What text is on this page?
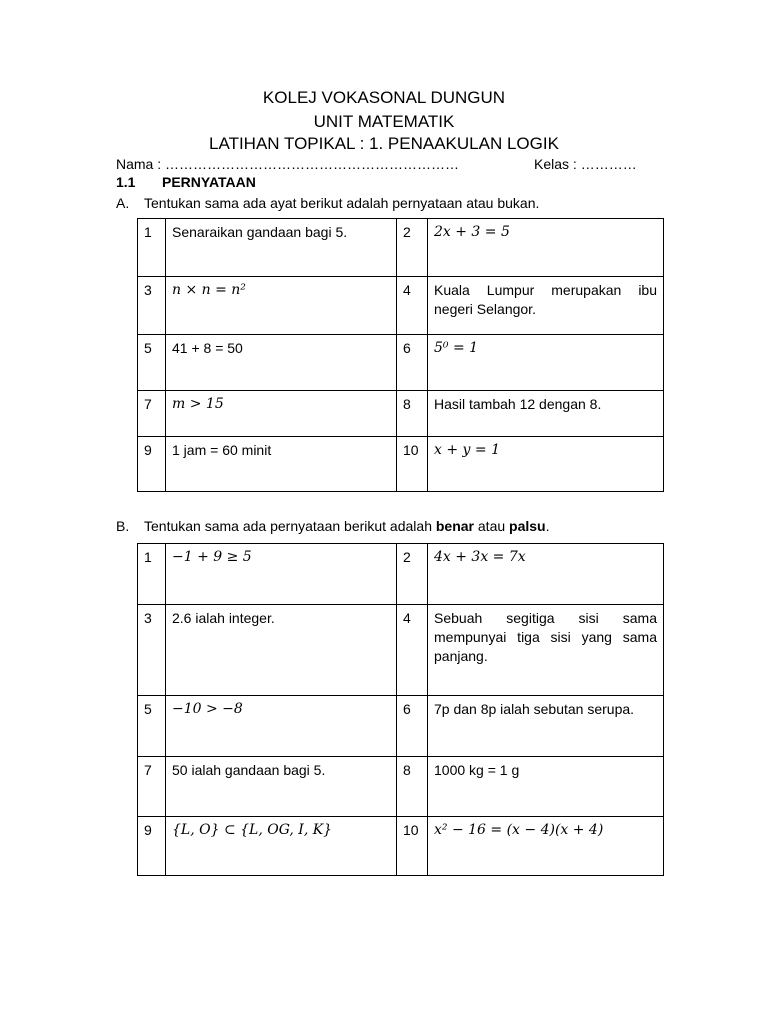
KOLEJ VOKASONAL DUNGUN
UNIT MATEMATIK
LATIHAN TOPIKAL : 1. PENAAKULAN LOGIK
Nama : ………………………………………………………	Kelas : …………
1.1 PERNYATAAN
A. Tentukan sama ada ayat berikut adalah pernyataan atau bukan.
1	Senaraikan gandaan bagi 5.	2	2x + 3 = 5
3	n × n = n²	4	Kuala Lumpur merupakan ibu negeri Selangor.
5	41 + 8 = 50	6	5⁰ = 1
7	m > 15	8	Hasil tambah 12 dengan 8.
9	1 jam = 60 minit	10	x + y = 1
B. Tentukan sama ada pernyataan berikut adalah benar atau palsu.
1	−1 + 9 ≥ 5	2	4x + 3x = 7x
3	2.6 ialah integer.	4	Sebuah segitiga sisi sama mempunyai tiga sisi yang sama panjang.
5	−10 > −8	6	7p dan 8p ialah sebutan serupa.
7	50 ialah gandaan bagi 5.	8	1000 kg = 1 g
9	{L, O} ⊂ {L, OG, I, K}	10	x² − 16 = (x − 4)(x + 4)
